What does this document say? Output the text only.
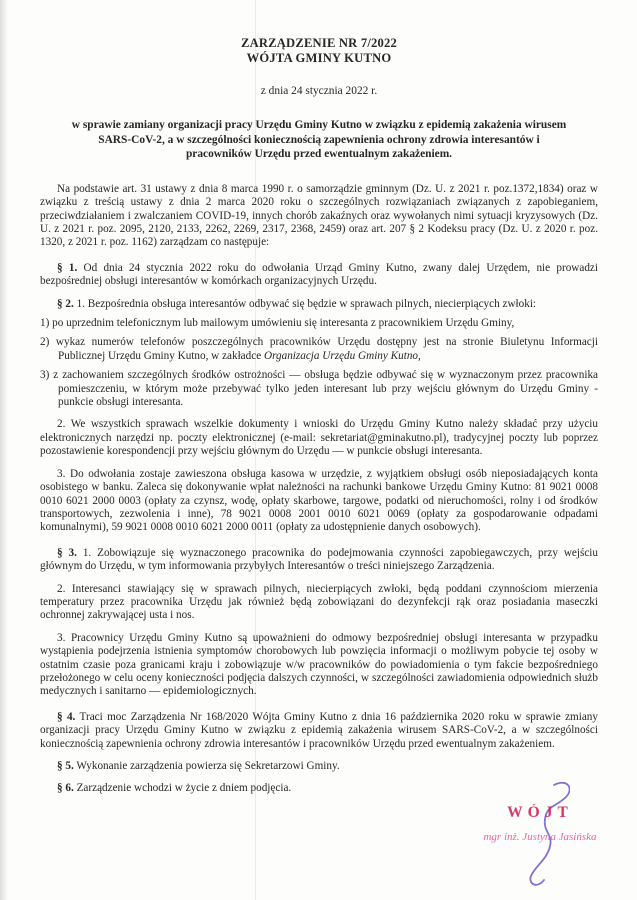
ZARZĄDZENIE NR 7/2022
WÓJTA GMINY KUTNO
z dnia 24 stycznia 2022 r.
w sprawie zamiany organizacji pracy Urzędu Gminy Kutno w związku z epidemią zakażenia wirusem SARS-CoV-2, a w szczególności koniecznością zapewnienia ochrony zdrowia interesantów i pracowników Urzędu przed ewentualnym zakażeniem.

Na podstawie art. 31 ustawy z dnia 8 marca 1990 r. o samorządzie gminnym (Dz. U. z 2021 r. poz.1372,1834) oraz w związku z treścią ustawy z dnia 2 marca 2020 roku o szczególnych rozwiązaniach związanych z zapobieganiem, przeciwdziałaniem i zwalczaniem COVID-19, innych chorób zakaźnych oraz wywołanych nimi sytuacji kryzysowych (Dz. U. z 2021 r. poz. 2095, 2120, 2133, 2262, 2269, 2317, 2368, 2459) oraz art. 207 § 2 Kodeksu pracy (Dz. U. z 2020 r. poz. 1320, z 2021 r. poz. 1162) zarządzam co następuje:

§ 1. Od dnia 24 stycznia 2022 roku do odwołania Urząd Gminy Kutno, zwany dalej Urzędem, nie prowadzi bezpośredniej obsługi interesantów w komórkach organizacyjnych Urzędu.

§ 2. 1. Bezpośrednia obsługa interesantów odbywać się będzie w sprawach pilnych, niecierpiących zwłoki:

1) po uprzednim telefonicznym lub mailowym umówieniu się interesanta z pracownikiem Urzędu Gminy,

2) wykaz numerów telefonów poszczególnych pracowników Urzędu dostępny jest na stronie Biuletynu Informacji Publicznej Urzędu Gminy Kutno, w zakładce Organizacja Urzędu Gminy Kutno,

3) z zachowaniem szczególnych środków ostrożności — obsługa będzie odbywać się w wyznaczonym przez pracownika pomieszczeniu, w którym może przebywać tylko jeden interesant lub przy wejściu głównym do Urzędu Gminy - punkcie obsługi interesanta.

2. We wszystkich sprawach wszelkie dokumenty i wnioski do Urzędu Gminy Kutno należy składać przy użyciu elektronicznych narzędzi np. poczty elektronicznej (e-mail: sekretariat@gminakutno.pl), tradycyjnej poczty lub poprzez pozostawienie korespondencji przy wejściu głównym do Urzędu — w punkcie obsługi interesanta.

3. Do odwołania zostaje zawieszona obsługa kasowa w urzędzie, z wyjątkiem obsługi osób nieposiadających konta osobistego w banku. Zaleca się dokonywanie wpłat należności na rachunki bankowe Urzędu Gminy Kutno: 81 9021 0008 0010 6021 2000 0003 (opłaty za czynsz, wodę, opłaty skarbowe, targowe, podatki od nieruchomości, rolny i od środków transportowych, zezwolenia i inne), 78 9021 0008 2001 0010 6021 0069 (opłaty za gospodarowanie odpadami komunalnymi), 59 9021 0008 0010 6021 2000 0011 (opłaty za udostępnienie danych osobowych).

§ 3. 1. Zobowiązuje się wyznaczonego pracownika do podejmowania czynności zapobiegawczych, przy wejściu głównym do Urzędu, w tym informowania przybyłych Interesantów o treści niniejszego Zarządzenia.

2. Interesanci stawiający się w sprawach pilnych, niecierpiących zwłoki, będą poddani czynnościom mierzenia temperatury przez pracownika Urzędu jak również będą zobowiązani do dezynfekcji rąk oraz posiadania maseczki ochronnej zakrywającej usta i nos.

3. Pracownicy Urzędu Gminy Kutno są upoważnieni do odmowy bezpośredniej obsługi interesanta w przypadku wystąpienia podejrzenia istnienia symptomów chorobowych lub powzięcia informacji o możliwym pobycie tej osoby w ostatnim czasie poza granicami kraju i zobowiązuje w/w pracowników do powiadomienia o tym fakcie bezpośredniego przełożonego w celu oceny konieczności podjęcia dalszych czynności, w szczególności zawiadomienia odpowiednich służb medycznych i sanitarno — epidemiologicznych.

§ 4. Traci moc Zarządzenia Nr 168/2020 Wójta Gminy Kutno z dnia 16 października 2020 roku w sprawie zmiany organizacji pracy Urzędu Gminy Kutno w związku z epidemią zakażenia wirusem SARS-CoV-2, a w szczególności koniecznością zapewnienia ochrony zdrowia interesantów i pracowników Urzędu przed ewentualnym zakażeniem.

§ 5. Wykonanie zarządzenia powierza się Sekretarzowi Gminy.

§ 6. Zarządzenie wchodzi w życie z dniem podjęcia.

WÓJT
mgr inż. Justyna Jasińska
